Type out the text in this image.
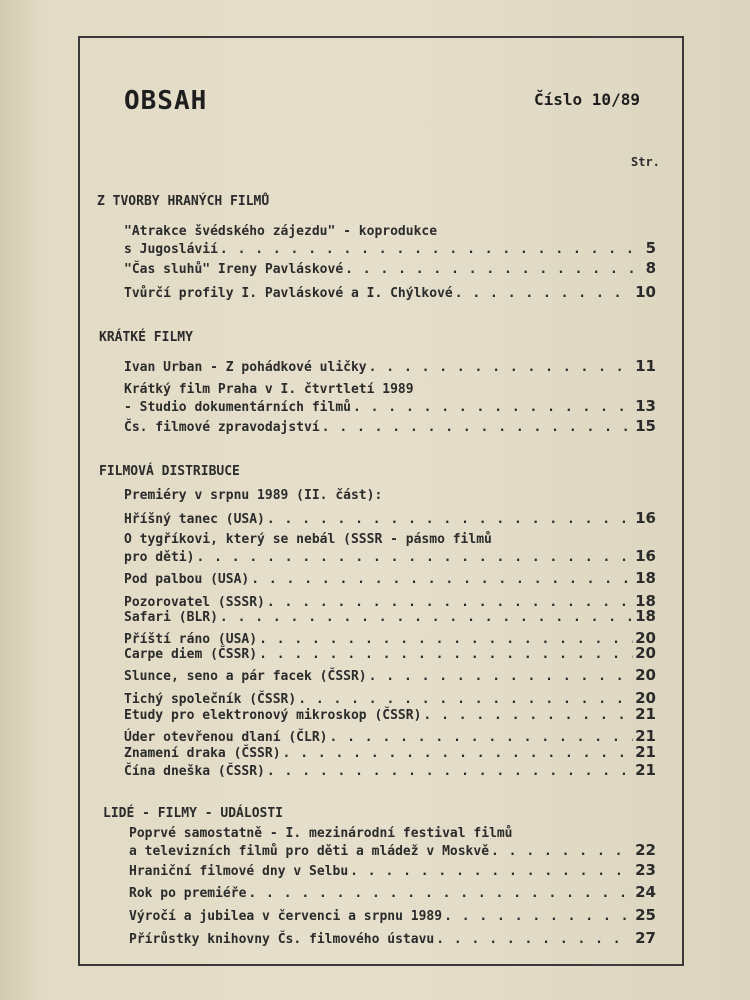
OBSAH	Číslo 10/89
Str.
Z TVORBY HRANÝCH FILMŮ
"Atrakce švédského zájezdu" - koprodukce
s Jugoslávií . . .	5
"Čas sluhů" Ireny Pavláskové . . .	8
Tvůrčí profily I. Pavláskové a I. Chýlkové . . .	10
KRÁTKÉ FILMY
Ivan Urban - Z pohádkové uličky . . .	11
Krátký film Praha v I. čtvrtletí 1989
- Studio dokumentárních filmů . . .	13
Čs. filmové zpravodajství . . .	15
FILMOVÁ DISTRIBUCE
Premiéry v srpnu 1989 (II. část):
Hříšný tanec (USA) . . .	16
O tygříkovi, který se nebál (SSSR - pásmo filmů
pro děti) . . .	16
Pod palbou (USA) . . .	18
Pozorovatel (SSSR) . . .	18
Safari (BLR) . . .	18
Příští ráno (USA) . . .	20
Carpe diem (ČSSR) . . .	20
Slunce, seno a pár facek (ČSSR) . . .	20
Tichý společník (ČSSR) . . .	20
Etudy pro elektronový mikroskop (ČSSR) . . .	21
Úder otevřenou dlaní (ČLR) . . .	21
Znamení draka (ČSSR) . . .	21
Čína dneška (ČSSR) . . .	21
LIDÉ - FILMY - UDÁLOSTI
Poprvé samostatně - I. mezinárodní festival filmů
a televizních filmů pro děti a mládež v Moskvě . . .	22
Hraniční filmové dny v Selbu . . .	23
Rok po premiéře . . .	24
Výročí a jubilea v červenci a srpnu 1989 . . .	25
Přírůstky knihovny Čs. filmového ústavu . . .	27
